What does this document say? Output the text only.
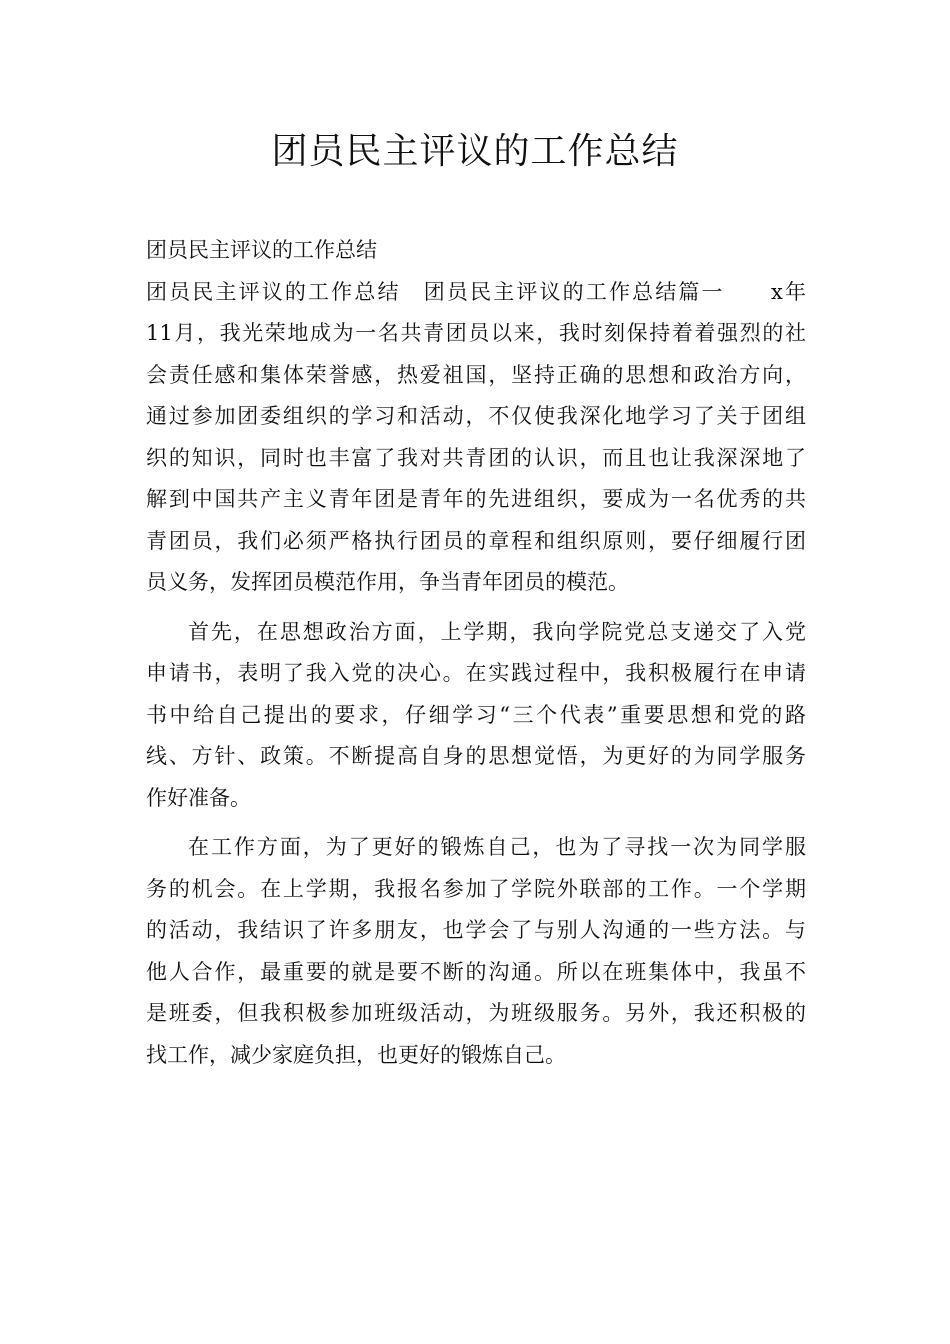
团员民主评议的工作总结
团员民主评议的工作总结
团员民主评议的工作总结　团员民主评议的工作总结篇一　　x年
11月，我光荣地成为一名共青团员以来，我时刻保持着着强烈的社
会责任感和集体荣誉感，热爱祖国，坚持正确的思想和政治方向，
通过参加团委组织的学习和活动，不仅使我深化地学习了关于团组
织的知识，同时也丰富了我对共青团的认识，而且也让我深深地了
解到中国共产主义青年团是青年的先进组织，要成为一名优秀的共
青团员，我们必须严格执行团员的章程和组织原则，要仔细履行团
员义务，发挥团员模范作用，争当青年团员的模范。
首先，在思想政治方面，上学期，我向学院党总支递交了入党
申请书，表明了我入党的决心。在实践过程中，我积极履行在申请
书中给自己提出的要求，仔细学习“三个代表”重要思想和党的路
线、方针、政策。不断提高自身的思想觉悟，为更好的为同学服务
作好准备。
在工作方面，为了更好的锻炼自己，也为了寻找一次为同学服
务的机会。在上学期，我报名参加了学院外联部的工作。一个学期
的活动，我结识了许多朋友，也学会了与别人沟通的一些方法。与
他人合作，最重要的就是要不断的沟通。所以在班集体中，我虽不
是班委，但我积极参加班级活动，为班级服务。另外，我还积极的
找工作，减少家庭负担，也更好的锻炼自己。
